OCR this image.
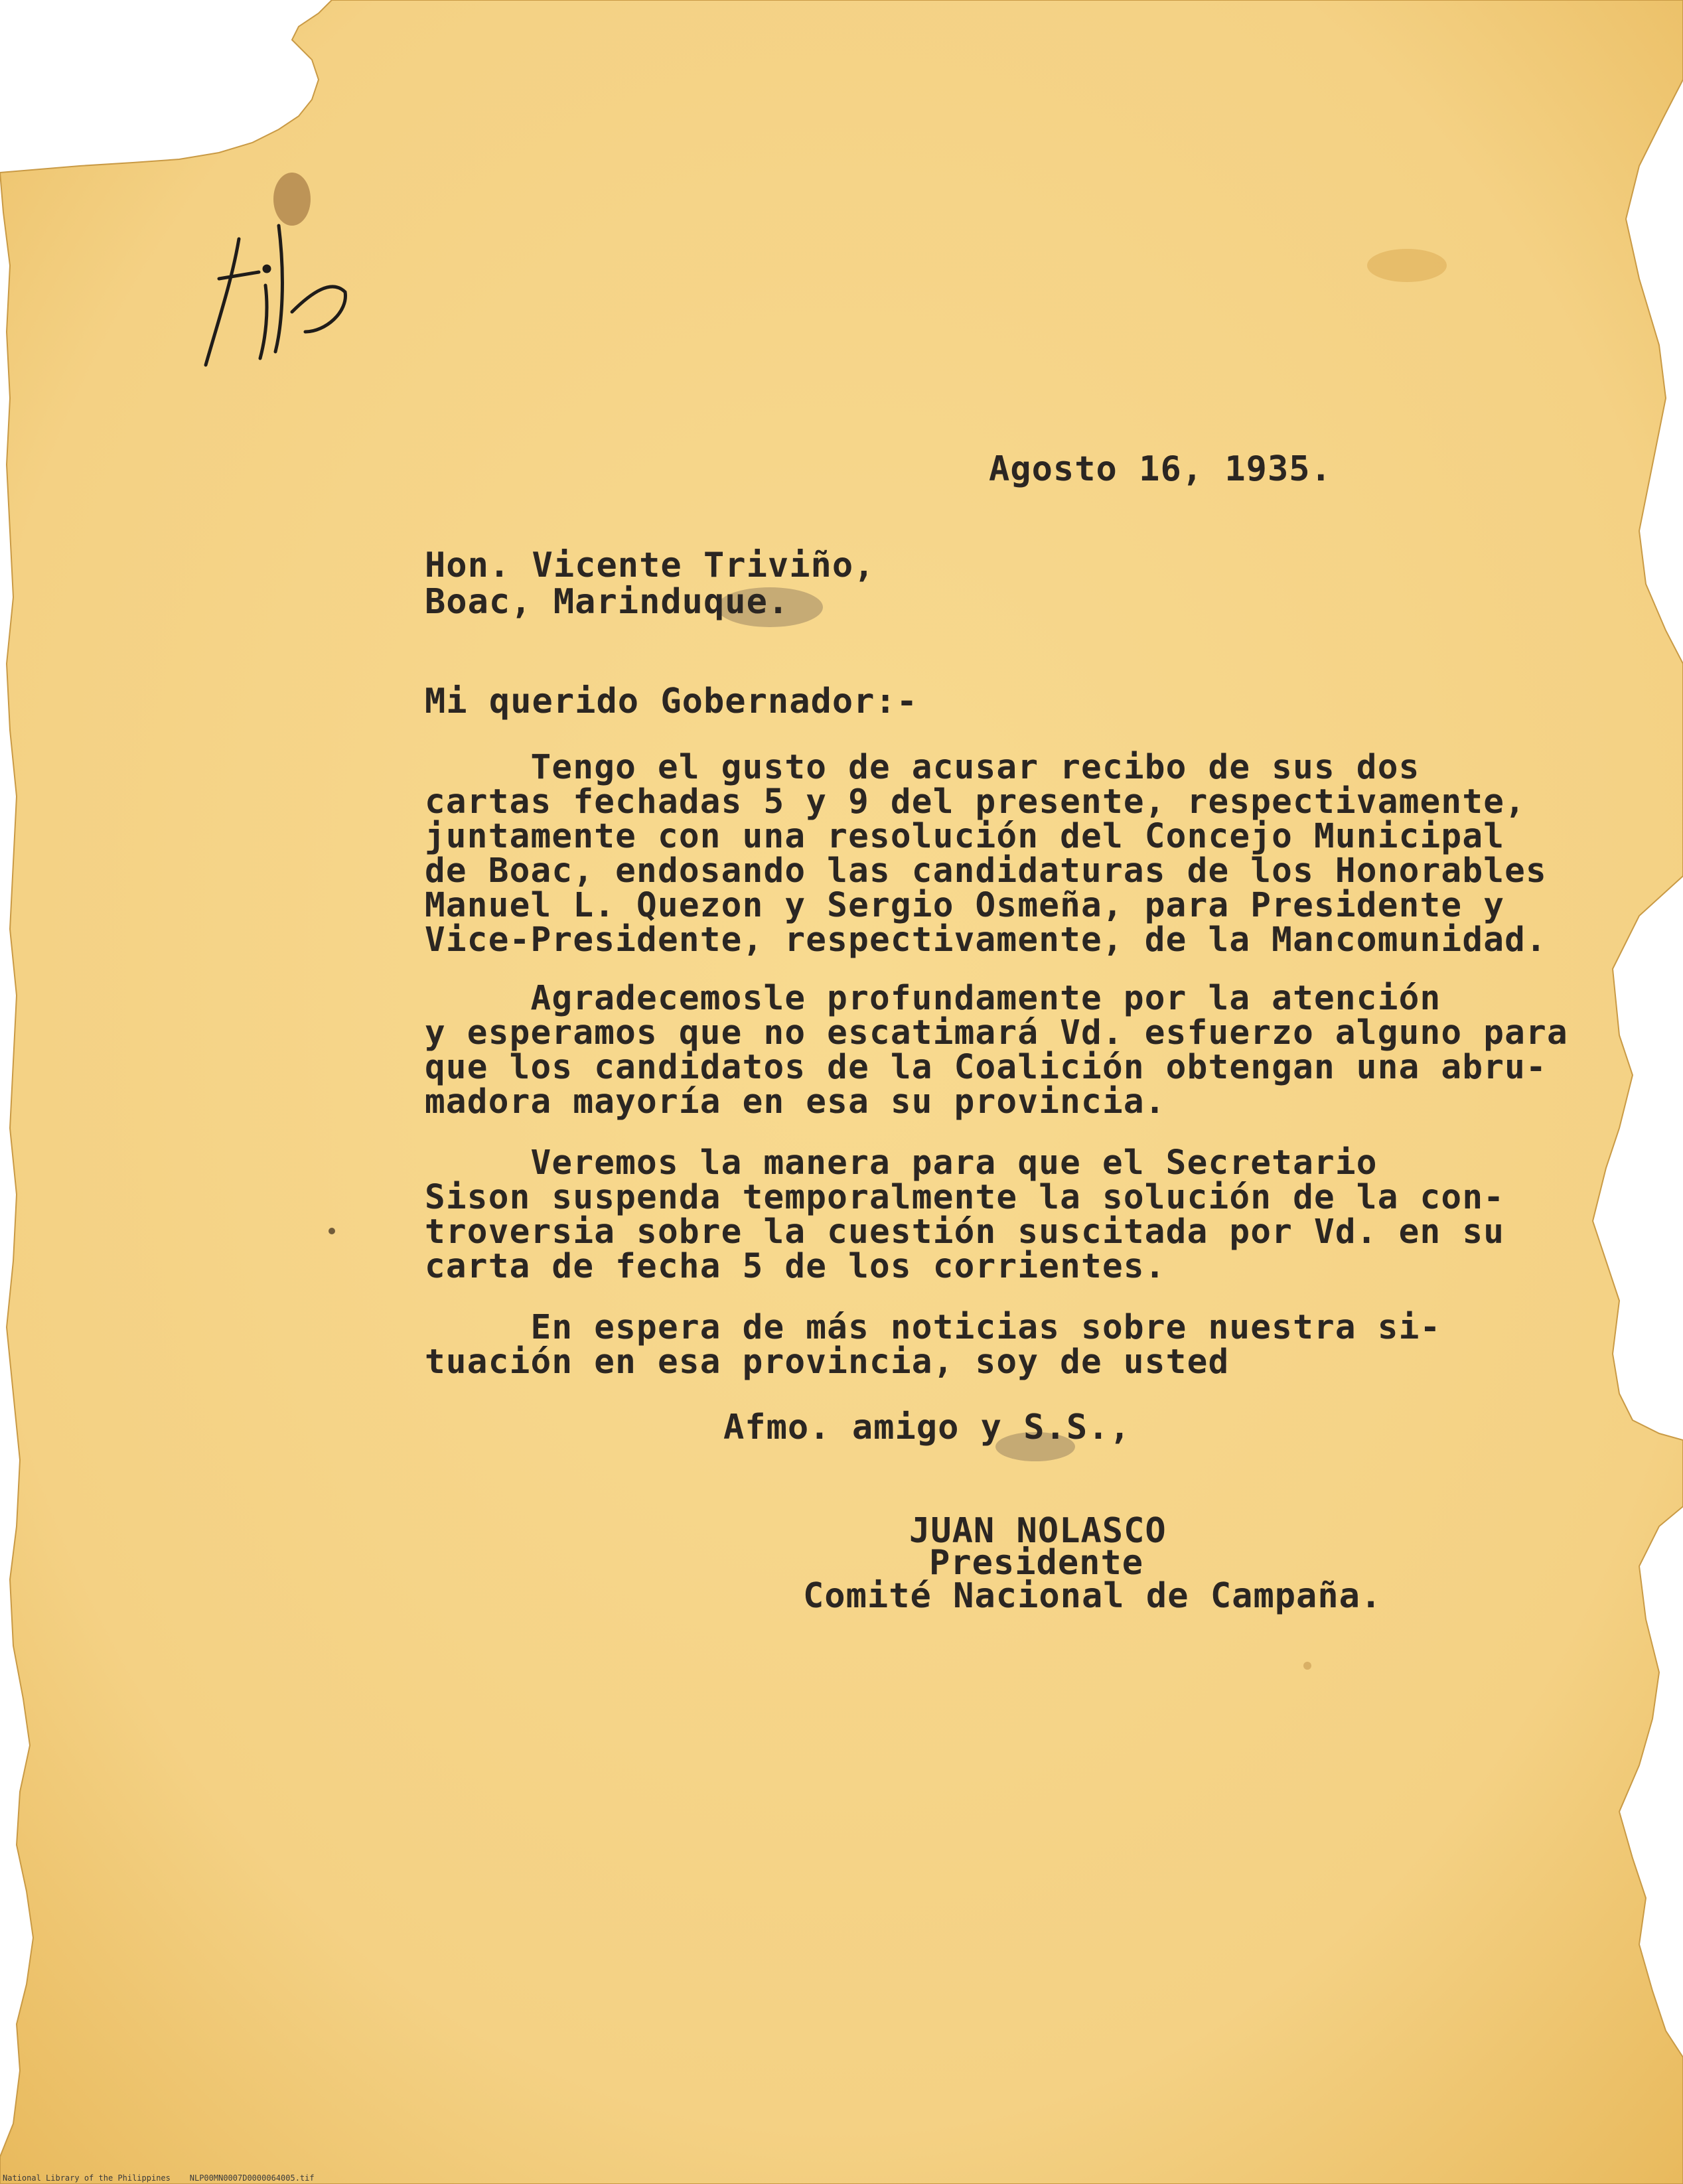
Agosto 16, 1935.

Hon. Vicente Triviño,

Boac, Marinduque.

Mi querido Gobernador:-

Tengo el gusto de acusar recibo de sus dos

cartas fechadas 5 y 9 del presente, respectivamente,

juntamente con una resolución del Concejo Municipal

de Boac, endosando las candidaturas de los Honorables

Manuel L. Quezon y Sergio Osmeña, para Presidente y

Vice-Presidente, respectivamente, de la Mancomunidad.

Agradecemosle profundamente por la atención

y esperamos que no escatimará Vd. esfuerzo alguno para

que los candidatos de la Coalición obtengan una abru-

madora mayoría en esa su provincia.

Veremos la manera para que el Secretario

Sison suspenda temporalmente la solución de la con-

troversia sobre la cuestión suscitada por Vd. en su

carta de fecha 5 de los corrientes.

En espera de más noticias sobre nuestra si-

tuación en esa provincia, soy de usted

Afmo. amigo y S.S.,

JUAN NOLASCO

Presidente

Comité Nacional de Campaña.

National Library of the Philippines    NLP00MN0007D0000064005.tif
